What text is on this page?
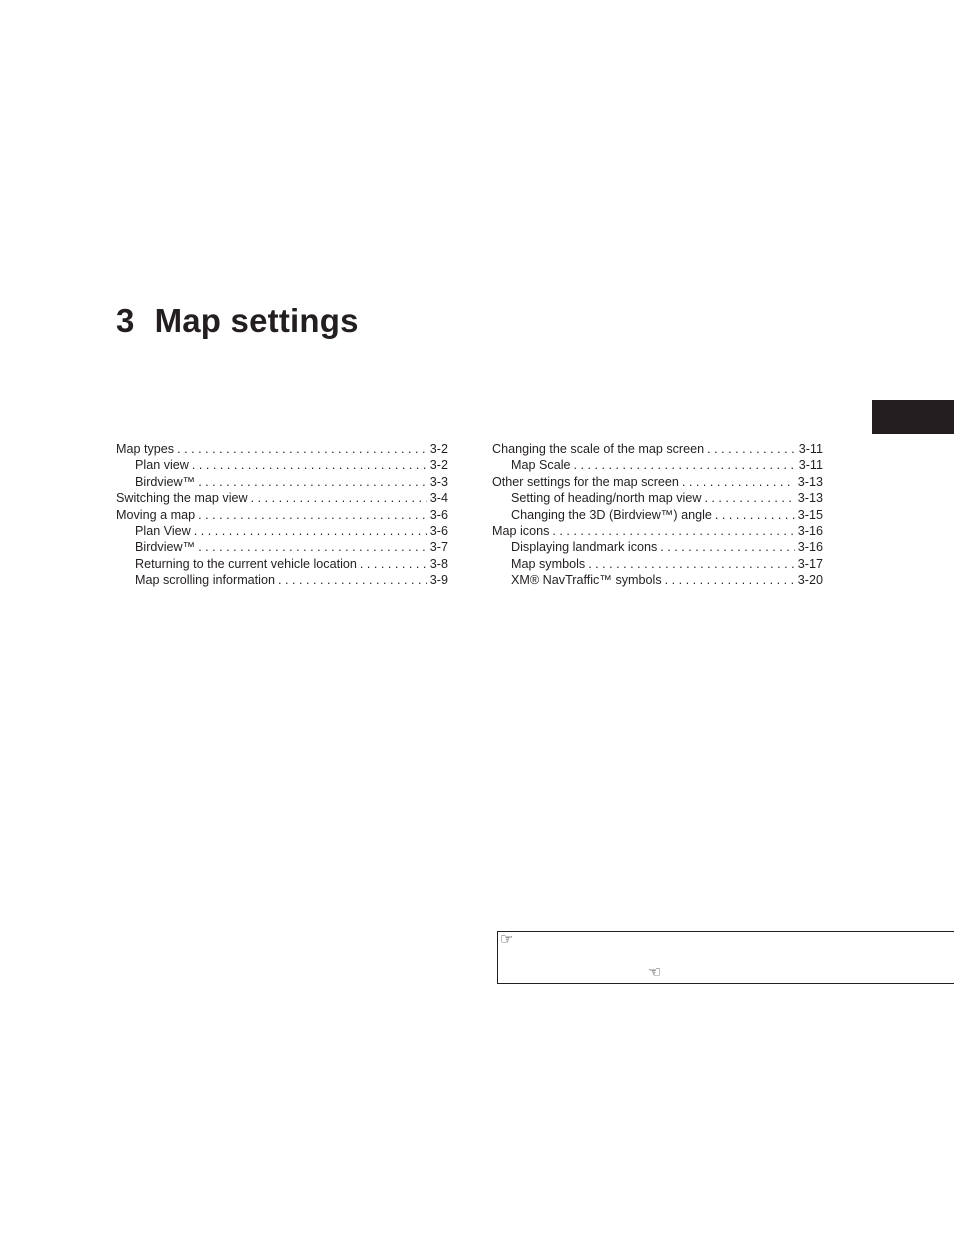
3 Map settings
Map types . . .	3-2
Plan view . . .	3-2
Birdview™ . . .	3-3
Switching the map view . . .	3-4
Moving a map . . .	3-6
Plan View . . .	3-6
Birdview™ . . .	3-7
Returning to the current vehicle location . . .	3-8
Map scrolling information . . .	3-9
Changing the scale of the map screen . . .	3-11
Map Scale . . .	3-11
Other settings for the map screen . . .	3-13
Setting of heading/north map view . . .	3-13
Changing the 3D (Birdview™) angle . . .	3-15
Map icons . . .	3-16
Displaying landmark icons . . .	3-16
Map symbols . . .	3-17
XM® NavTraffic™ symbols . . .	3-20
☞
☜
